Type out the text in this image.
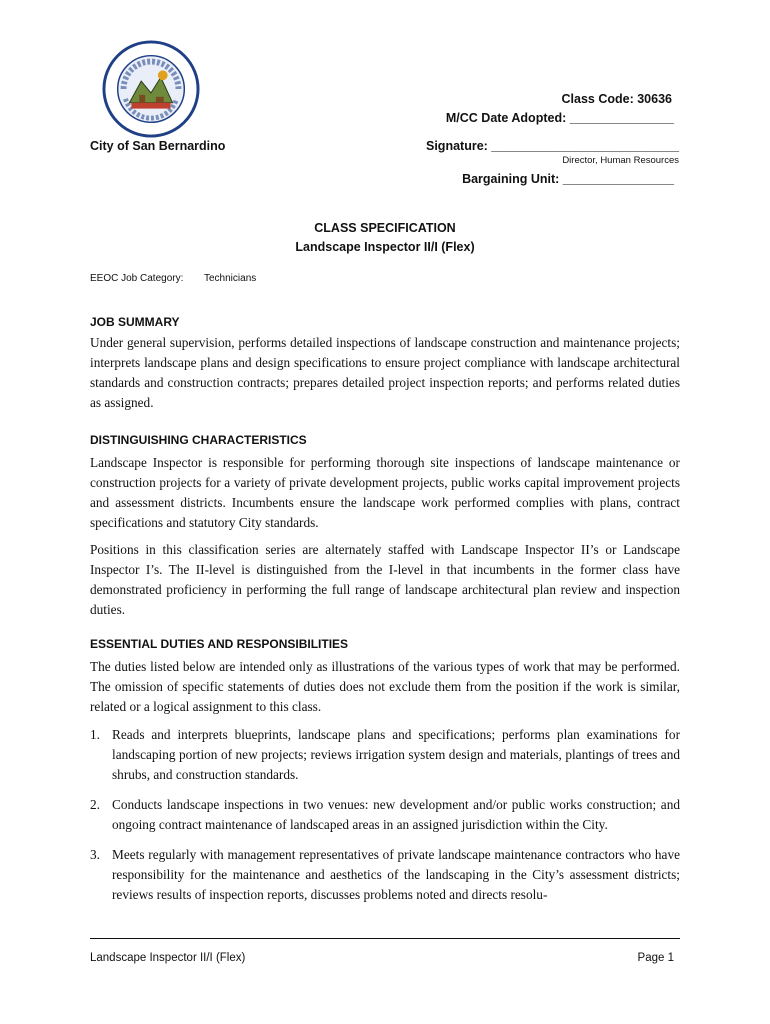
City of San Bernardino
Class Code: 30636
M/CC Date Adopted: _______________
Signature: ___________________________
Director, Human Resources
Bargaining Unit: ________________
CLASS SPECIFICATION
Landscape Inspector II/I (Flex)
EEOC Job Category: Technicians
JOB SUMMARY
Under general supervision, performs detailed inspections of landscape construction and maintenance projects; interprets landscape plans and design specifications to ensure project compliance with landscape architectural standards and construction contracts; prepares detailed project inspection reports; and performs related duties as assigned.
DISTINGUISHING CHARACTERISTICS
Landscape Inspector is responsible for performing thorough site inspections of landscape maintenance or construction projects for a variety of private development projects, public works capital improvement projects and assessment districts. Incumbents ensure the landscape work performed complies with plans, contract specifications and statutory City standards.
Positions in this classification series are alternately staffed with Landscape Inspector II’s or Landscape Inspector I’s. The II-level is distinguished from the I-level in that incumbents in the former class have demonstrated proficiency in performing the full range of landscape architectural plan review and inspection duties.
ESSENTIAL DUTIES AND RESPONSIBILITIES
The duties listed below are intended only as illustrations of the various types of work that may be performed. The omission of specific statements of duties does not exclude them from the position if the work is similar, related or a logical assignment to this class.
1. Reads and interprets blueprints, landscape plans and specifications; performs plan examinations for landscaping portion of new projects; reviews irrigation system design and materials, plantings of trees and shrubs, and construction standards.
2. Conducts landscape inspections in two venues: new development and/or public works construction; and ongoing contract maintenance of landscaped areas in an assigned jurisdiction within the City.
3. Meets regularly with management representatives of private landscape maintenance contractors who have responsibility for the maintenance and aesthetics of the landscaping in the City’s assessment districts; reviews results of inspection reports, discusses problems noted and directs resolu-
Landscape Inspector II/I (Flex)	Page 1
